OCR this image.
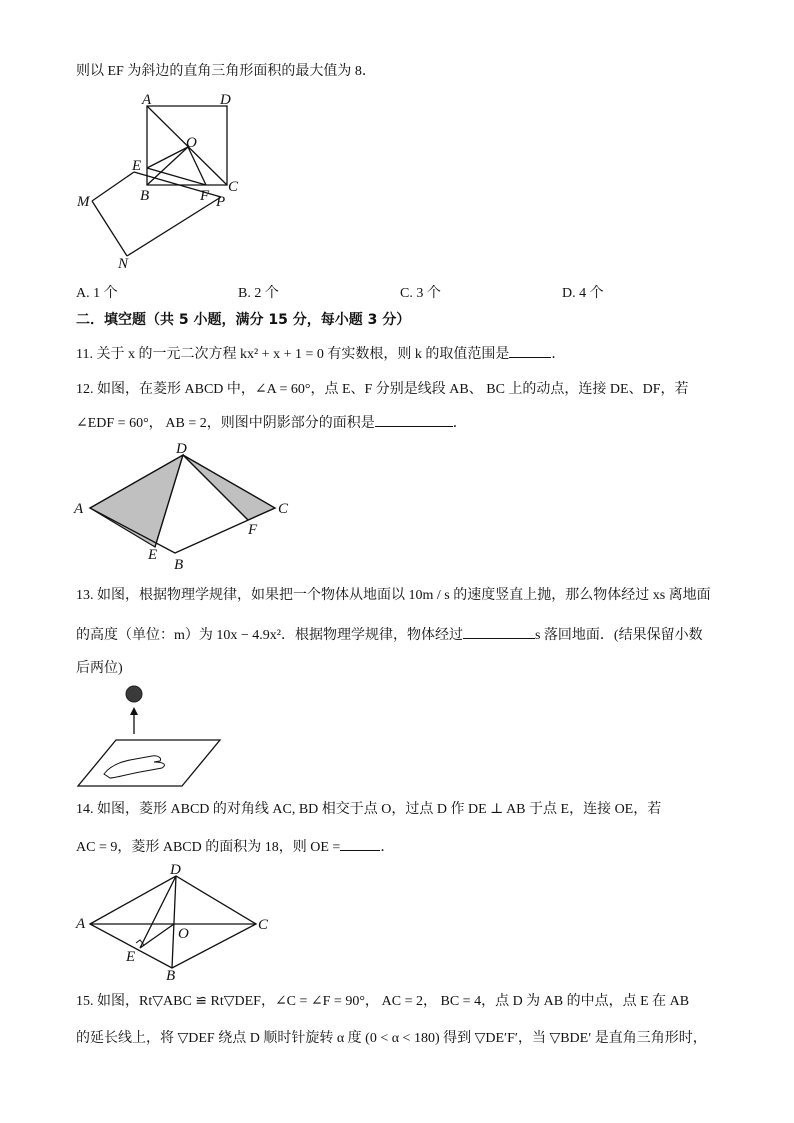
则以 EF 为斜边的直角三角形面积的最大值为 8．
A	D
O
E
C
B	F P
M
N
A. 1 个	B. 2 个	C. 3 个	D. 4 个
二．填空题（共 5 小题，满分 15 分，每小题 3 分）
11. 关于 x 的一元二次方程 kx² + x + 1 = 0 有实数根，则 k 的取值范围是	．
12. 如图，在菱形 ABCD 中，∠A = 60°，点 E、F 分别是线段 AB、 BC 上的动点，连接 DE、DF，若
∠EDF = 60°， AB = 2，则图中阴影部分的面积是	．
A
D
C
F
E
B
13. 如图，根据物理学规律，如果把一个物体从地面以 10m / s 的速度竖直上抛，那么物体经过 xs 离地面
的高度（单位：m）为 10x − 4.9x²．根据物理学规律，物体经过	s 落回地面．(结果保留小数
后两位)
14. 如图，菱形 ABCD 的对角线 AC, BD 相交于点 O，过点 D 作 DE ⊥ AB 于点 E，连接 OE，若
AC = 9，菱形 ABCD 的面积为 18，则 OE =	．
D
A
O
C
E
B
15. 如图，Rt▽ABC ≌ Rt▽DEF，∠C = ∠F = 90°， AC = 2， BC = 4，点 D 为 AB 的中点，点 E 在 AB
的延长线上，将 ▽DEF 绕点 D 顺时针旋转 α 度 (0 < α < 180) 得到 ▽DE′F′，当 ▽BDE′ 是直角三角形时，
